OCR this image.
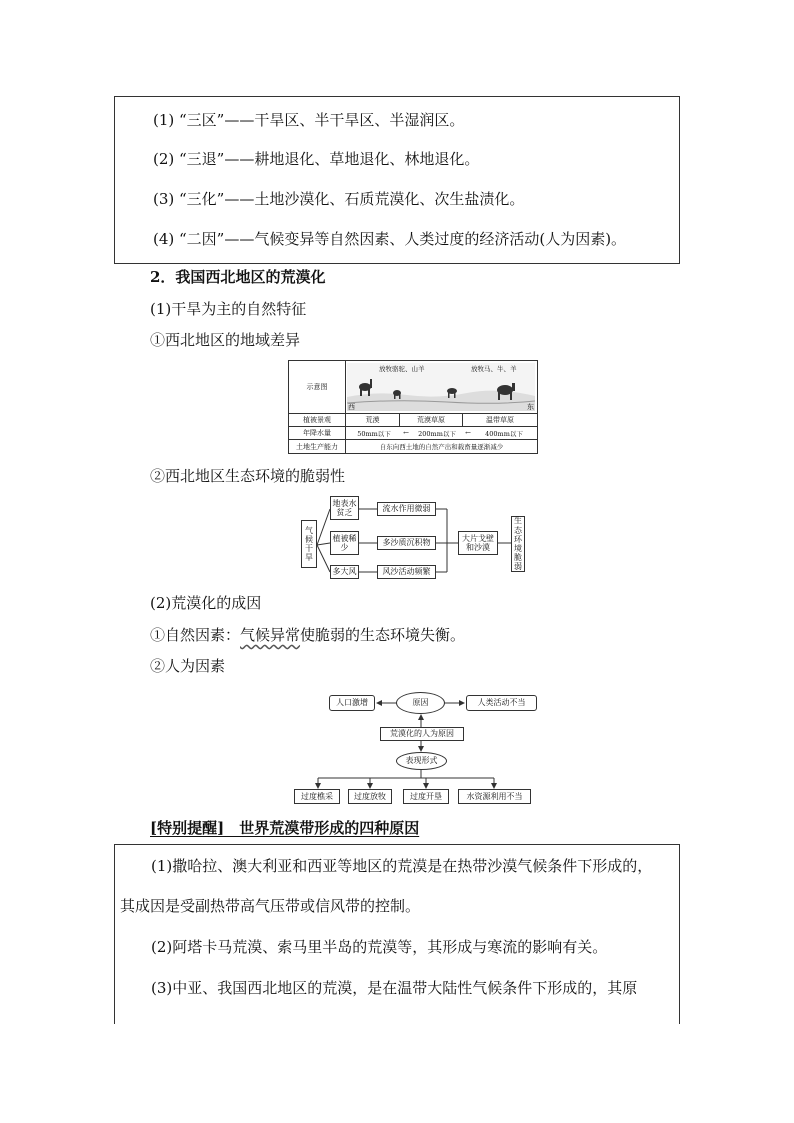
(1) “三区”——干旱区、半干旱区、半湿润区。
(2) “三退”——耕地退化、草地退化、林地退化。
(3) “三化”——土地沙漠化、石质荒漠化、次生盐渍化。
(4) “二因”——气候变异等自然因素、人类过度的经济活动(人为因素)。
2．我国西北地区的荒漠化
(1)干旱为主的自然特征
①西北地区的地域差异
示意图
放牧骆驼、山羊	放牧马、牛、羊
西	东
植被景观	荒漠	荒漠草原	温带草原
年降水量	50mm以下	←	200mm以下	←	400mm以下
土地生产能力	自东向西土地的自然产出和载畜量逐渐减少
②西北地区生态环境的脆弱性
气候干旱
地表水贫乏
植被稀少
多大风
流水作用微弱
多沙质沉积物
风沙活动频繁
大片戈壁和沙漠
生态环境脆弱
(2)荒漠化的成因
①自然因素：气候异常使脆弱的生态环境失衡。
②人为因素
人口激增	原因	人类活动不当
荒漠化的人为原因
表现形式
过度樵采	过度放牧	过度开垦	水资源利用不当
[特别提醒]　世界荒漠带形成的四种原因
(1)撒哈拉、澳大利亚和西亚等地区的荒漠是在热带沙漠气候条件下形成的，
其成因是受副热带高气压带或信风带的控制。
(2)阿塔卡马荒漠、索马里半岛的荒漠等，其形成与寒流的影响有关。
(3)中亚、我国西北地区的荒漠，是在温带大陆性气候条件下形成的，其原
